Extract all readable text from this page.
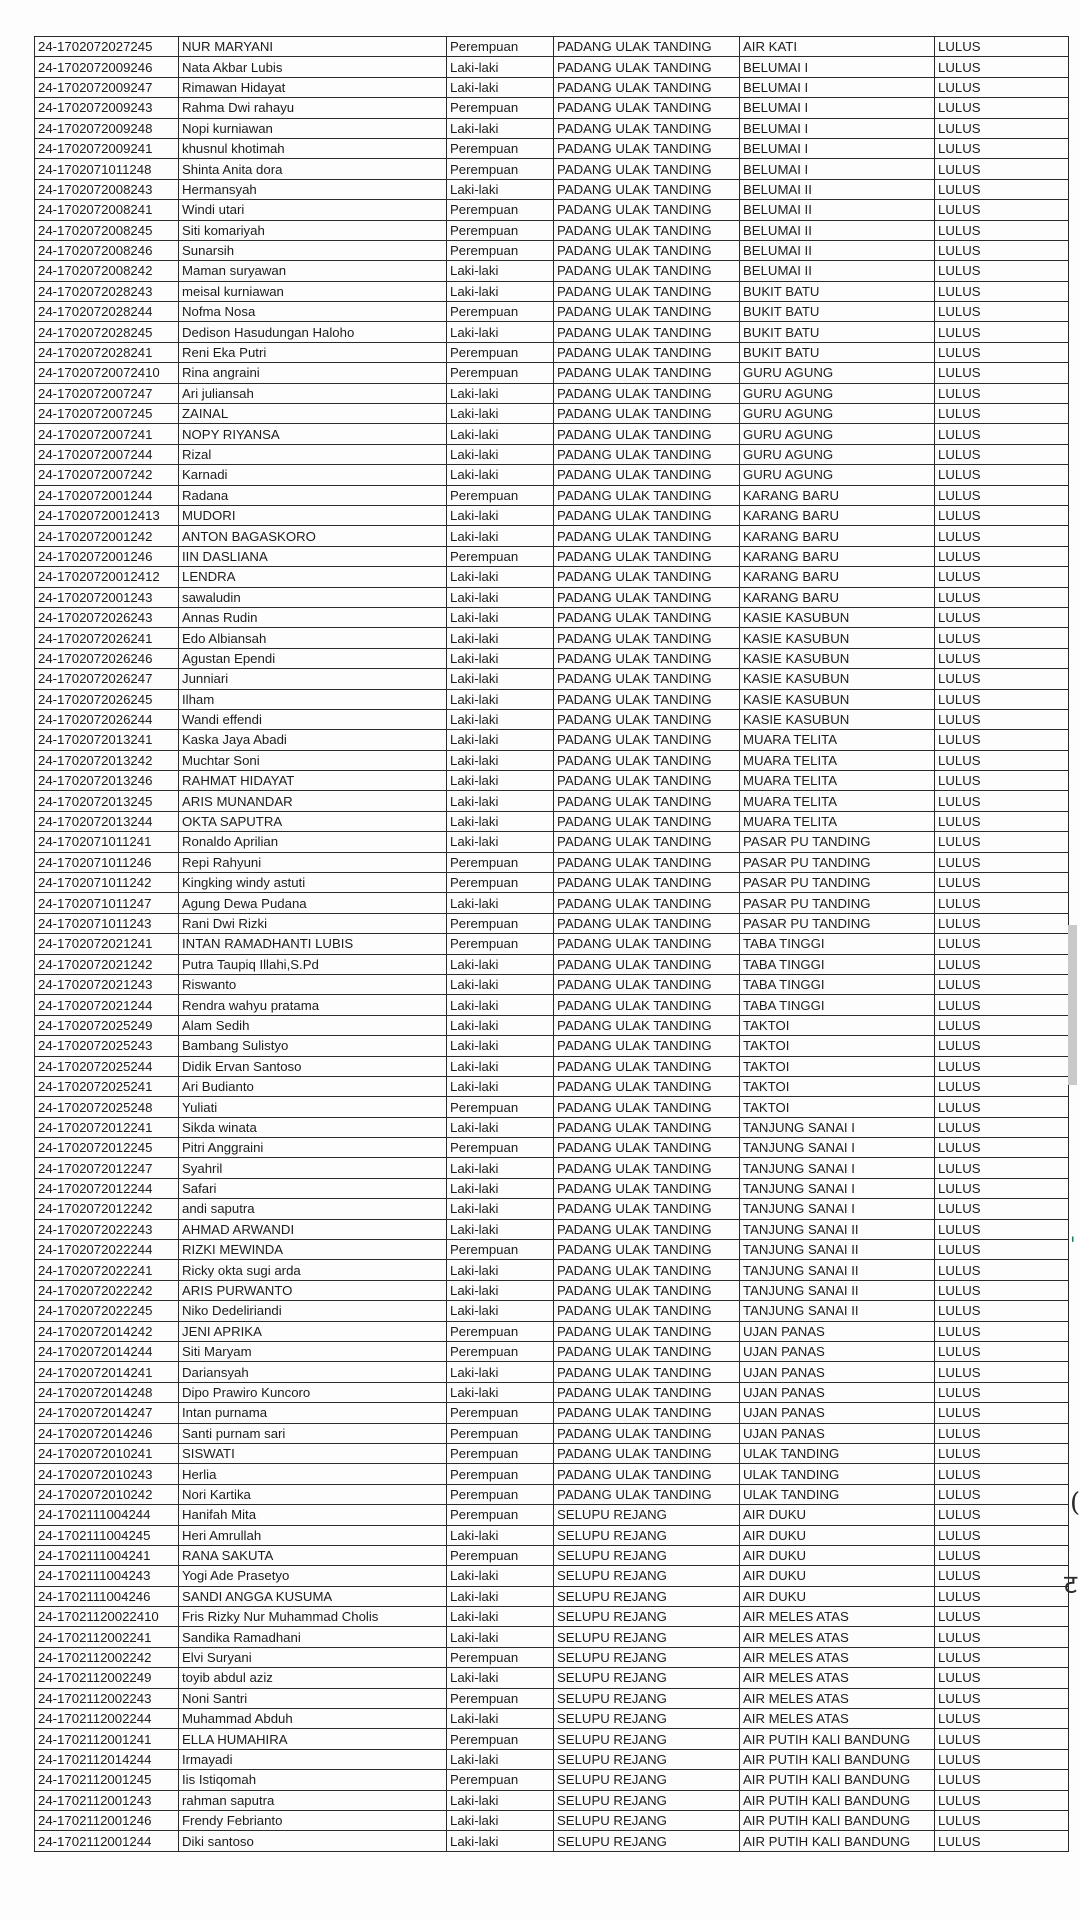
24-1702072027245	NUR MARYANI	Perempuan	PADANG ULAK TANDING	AIR KATI	LULUS
24-1702072009246	Nata Akbar Lubis	Laki-laki	PADANG ULAK TANDING	BELUMAI I	LULUS
24-1702072009247	Rimawan Hidayat	Laki-laki	PADANG ULAK TANDING	BELUMAI I	LULUS
24-1702072009243	Rahma Dwi rahayu	Perempuan	PADANG ULAK TANDING	BELUMAI I	LULUS
24-1702072009248	Nopi kurniawan	Laki-laki	PADANG ULAK TANDING	BELUMAI I	LULUS
24-1702072009241	khusnul khotimah	Perempuan	PADANG ULAK TANDING	BELUMAI I	LULUS
24-1702071011248	Shinta Anita dora	Perempuan	PADANG ULAK TANDING	BELUMAI I	LULUS
24-1702072008243	Hermansyah	Laki-laki	PADANG ULAK TANDING	BELUMAI II	LULUS
24-1702072008241	Windi utari	Perempuan	PADANG ULAK TANDING	BELUMAI II	LULUS
24-1702072008245	Siti komariyah	Perempuan	PADANG ULAK TANDING	BELUMAI II	LULUS
24-1702072008246	Sunarsih	Perempuan	PADANG ULAK TANDING	BELUMAI II	LULUS
24-1702072008242	Maman suryawan	Laki-laki	PADANG ULAK TANDING	BELUMAI II	LULUS
24-1702072028243	meisal kurniawan	Laki-laki	PADANG ULAK TANDING	BUKIT BATU	LULUS
24-1702072028244	Nofma Nosa	Perempuan	PADANG ULAK TANDING	BUKIT BATU	LULUS
24-1702072028245	Dedison Hasudungan Haloho	Laki-laki	PADANG ULAK TANDING	BUKIT BATU	LULUS
24-1702072028241	Reni Eka Putri	Perempuan	PADANG ULAK TANDING	BUKIT BATU	LULUS
24-17020720072410	Rina angraini	Perempuan	PADANG ULAK TANDING	GURU AGUNG	LULUS
24-1702072007247	Ari juliansah	Laki-laki	PADANG ULAK TANDING	GURU AGUNG	LULUS
24-1702072007245	ZAINAL	Laki-laki	PADANG ULAK TANDING	GURU AGUNG	LULUS
24-1702072007241	NOPY RIYANSA	Laki-laki	PADANG ULAK TANDING	GURU AGUNG	LULUS
24-1702072007244	Rizal	Laki-laki	PADANG ULAK TANDING	GURU AGUNG	LULUS
24-1702072007242	Karnadi	Laki-laki	PADANG ULAK TANDING	GURU AGUNG	LULUS
24-1702072001244	Radana	Perempuan	PADANG ULAK TANDING	KARANG BARU	LULUS
24-17020720012413	MUDORI	Laki-laki	PADANG ULAK TANDING	KARANG BARU	LULUS
24-1702072001242	ANTON BAGASKORO	Laki-laki	PADANG ULAK TANDING	KARANG BARU	LULUS
24-1702072001246	IIN DASLIANA	Perempuan	PADANG ULAK TANDING	KARANG BARU	LULUS
24-17020720012412	LENDRA	Laki-laki	PADANG ULAK TANDING	KARANG BARU	LULUS
24-1702072001243	sawaludin	Laki-laki	PADANG ULAK TANDING	KARANG BARU	LULUS
24-1702072026243	Annas Rudin	Laki-laki	PADANG ULAK TANDING	KASIE KASUBUN	LULUS
24-1702072026241	Edo Albiansah	Laki-laki	PADANG ULAK TANDING	KASIE KASUBUN	LULUS
24-1702072026246	Agustan Ependi	Laki-laki	PADANG ULAK TANDING	KASIE KASUBUN	LULUS
24-1702072026247	Junniari	Laki-laki	PADANG ULAK TANDING	KASIE KASUBUN	LULUS
24-1702072026245	Ilham	Laki-laki	PADANG ULAK TANDING	KASIE KASUBUN	LULUS
24-1702072026244	Wandi effendi	Laki-laki	PADANG ULAK TANDING	KASIE KASUBUN	LULUS
24-1702072013241	Kaska Jaya Abadi	Laki-laki	PADANG ULAK TANDING	MUARA TELITA	LULUS
24-1702072013242	Muchtar Soni	Laki-laki	PADANG ULAK TANDING	MUARA TELITA	LULUS
24-1702072013246	RAHMAT HIDAYAT	Laki-laki	PADANG ULAK TANDING	MUARA TELITA	LULUS
24-1702072013245	ARIS MUNANDAR	Laki-laki	PADANG ULAK TANDING	MUARA TELITA	LULUS
24-1702072013244	OKTA SAPUTRA	Laki-laki	PADANG ULAK TANDING	MUARA TELITA	LULUS
24-1702071011241	Ronaldo Aprilian	Laki-laki	PADANG ULAK TANDING	PASAR PU TANDING	LULUS
24-1702071011246	Repi Rahyuni	Perempuan	PADANG ULAK TANDING	PASAR PU TANDING	LULUS
24-1702071011242	Kingking windy astuti	Perempuan	PADANG ULAK TANDING	PASAR PU TANDING	LULUS
24-1702071011247	Agung Dewa Pudana	Laki-laki	PADANG ULAK TANDING	PASAR PU TANDING	LULUS
24-1702071011243	Rani Dwi Rizki	Perempuan	PADANG ULAK TANDING	PASAR PU TANDING	LULUS
24-1702072021241	INTAN RAMADHANTI LUBIS	Perempuan	PADANG ULAK TANDING	TABA TINGGI	LULUS
24-1702072021242	Putra Taupiq Illahi,S.Pd	Laki-laki	PADANG ULAK TANDING	TABA TINGGI	LULUS
24-1702072021243	Riswanto	Laki-laki	PADANG ULAK TANDING	TABA TINGGI	LULUS
24-1702072021244	Rendra wahyu pratama	Laki-laki	PADANG ULAK TANDING	TABA TINGGI	LULUS
24-1702072025249	Alam Sedih	Laki-laki	PADANG ULAK TANDING	TAKTOI	LULUS
24-1702072025243	Bambang Sulistyo	Laki-laki	PADANG ULAK TANDING	TAKTOI	LULUS
24-1702072025244	Didik Ervan Santoso	Laki-laki	PADANG ULAK TANDING	TAKTOI	LULUS
24-1702072025241	Ari Budianto	Laki-laki	PADANG ULAK TANDING	TAKTOI	LULUS
24-1702072025248	Yuliati	Perempuan	PADANG ULAK TANDING	TAKTOI	LULUS
24-1702072012241	Sikda winata	Laki-laki	PADANG ULAK TANDING	TANJUNG SANAI I	LULUS
24-1702072012245	Pitri Anggraini	Perempuan	PADANG ULAK TANDING	TANJUNG SANAI I	LULUS
24-1702072012247	Syahril	Laki-laki	PADANG ULAK TANDING	TANJUNG SANAI I	LULUS
24-1702072012244	Safari	Laki-laki	PADANG ULAK TANDING	TANJUNG SANAI I	LULUS
24-1702072012242	andi saputra	Laki-laki	PADANG ULAK TANDING	TANJUNG SANAI I	LULUS
24-1702072022243	AHMAD ARWANDI	Laki-laki	PADANG ULAK TANDING	TANJUNG SANAI II	LULUS
24-1702072022244	RIZKI MEWINDA	Perempuan	PADANG ULAK TANDING	TANJUNG SANAI II	LULUS
24-1702072022241	Ricky okta sugi arda	Laki-laki	PADANG ULAK TANDING	TANJUNG SANAI II	LULUS
24-1702072022242	ARIS PURWANTO	Laki-laki	PADANG ULAK TANDING	TANJUNG SANAI II	LULUS
24-1702072022245	Niko Dedeliriandi	Laki-laki	PADANG ULAK TANDING	TANJUNG SANAI II	LULUS
24-1702072014242	JENI APRIKA	Perempuan	PADANG ULAK TANDING	UJAN PANAS	LULUS
24-1702072014244	Siti Maryam	Perempuan	PADANG ULAK TANDING	UJAN PANAS	LULUS
24-1702072014241	Dariansyah	Laki-laki	PADANG ULAK TANDING	UJAN PANAS	LULUS
24-1702072014248	Dipo Prawiro Kuncoro	Laki-laki	PADANG ULAK TANDING	UJAN PANAS	LULUS
24-1702072014247	Intan purnama	Perempuan	PADANG ULAK TANDING	UJAN PANAS	LULUS
24-1702072014246	Santi purnam sari	Perempuan	PADANG ULAK TANDING	UJAN PANAS	LULUS
24-1702072010241	SISWATI	Perempuan	PADANG ULAK TANDING	ULAK TANDING	LULUS
24-1702072010243	Herlia	Perempuan	PADANG ULAK TANDING	ULAK TANDING	LULUS
24-1702072010242	Nori Kartika	Perempuan	PADANG ULAK TANDING	ULAK TANDING	LULUS
24-1702111004244	Hanifah Mita	Perempuan	SELUPU REJANG	AIR DUKU	LULUS
24-1702111004245	Heri Amrullah	Laki-laki	SELUPU REJANG	AIR DUKU	LULUS
24-1702111004241	RANA SAKUTA	Perempuan	SELUPU REJANG	AIR DUKU	LULUS
24-1702111004243	Yogi Ade Prasetyo	Laki-laki	SELUPU REJANG	AIR DUKU	LULUS
24-1702111004246	SANDI ANGGA KUSUMA	Laki-laki	SELUPU REJANG	AIR DUKU	LULUS
24-17021120022410	Fris Rizky Nur Muhammad Cholis	Laki-laki	SELUPU REJANG	AIR MELES ATAS	LULUS
24-1702112002241	Sandika Ramadhani	Laki-laki	SELUPU REJANG	AIR MELES ATAS	LULUS
24-1702112002242	Elvi Suryani	Perempuan	SELUPU REJANG	AIR MELES ATAS	LULUS
24-1702112002249	toyib abdul aziz	Laki-laki	SELUPU REJANG	AIR MELES ATAS	LULUS
24-1702112002243	Noni Santri	Perempuan	SELUPU REJANG	AIR MELES ATAS	LULUS
24-1702112002244	Muhammad Abduh	Laki-laki	SELUPU REJANG	AIR MELES ATAS	LULUS
24-1702112001241	ELLA HUMAHIRA	Perempuan	SELUPU REJANG	AIR PUTIH KALI BANDUNG	LULUS
24-1702112014244	Irmayadi	Laki-laki	SELUPU REJANG	AIR PUTIH KALI BANDUNG	LULUS
24-1702112001245	Iis Istiqomah	Perempuan	SELUPU REJANG	AIR PUTIH KALI BANDUNG	LULUS
24-1702112001243	rahman saputra	Laki-laki	SELUPU REJANG	AIR PUTIH KALI BANDUNG	LULUS
24-1702112001246	Frendy Febrianto	Laki-laki	SELUPU REJANG	AIR PUTIH KALI BANDUNG	LULUS
24-1702112001244	Diki santoso	Laki-laki	SELUPU REJANG	AIR PUTIH KALI BANDUNG	LULUS
'
(
ट
